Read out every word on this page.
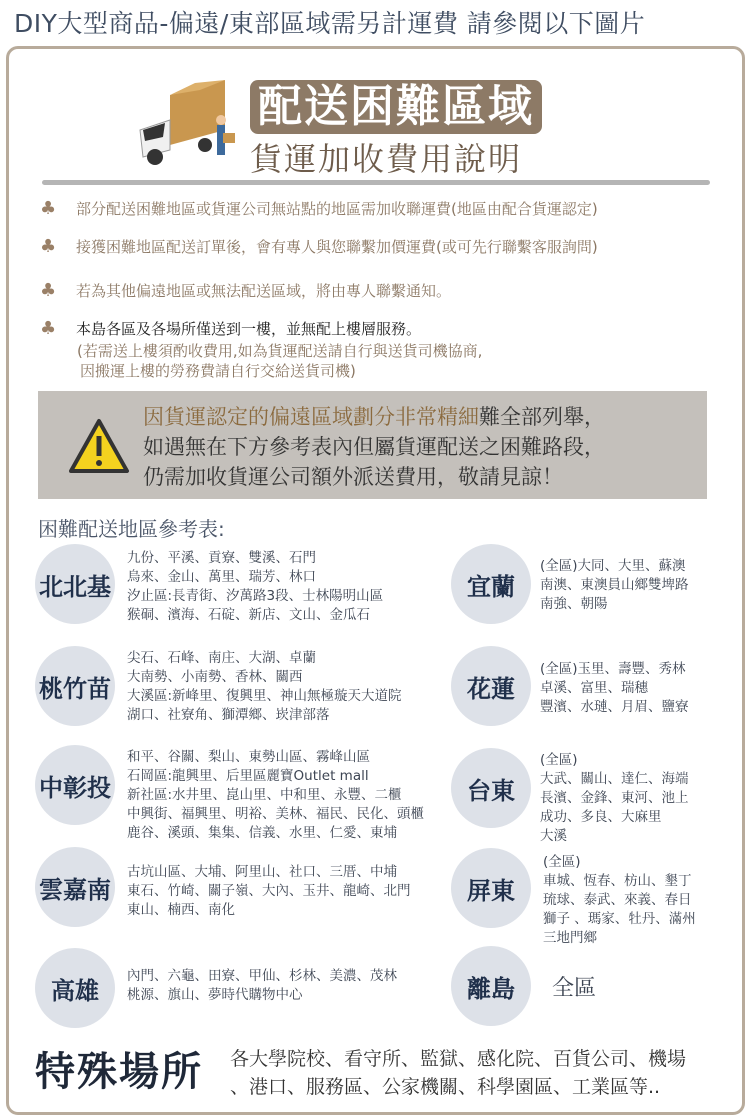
DIY大型商品-偏遠/東部區域需另計運費 請參閱以下圖片
配送困難區域
貨運加收費用說明
♣ 部分配送困難地區或貨運公司無站點的地區需加收聯運費(地區由配合貨運認定)
♣ 接獲困難地區配送訂單後，會有專人與您聯繫加價運費(或可先行聯繫客服詢問)
♣ 若為其他偏遠地區或無法配送區域，將由專人聯繫通知。
♣ 本島各區及各場所僅送到一樓，並無配上樓層服務。
(若需送上樓須酌收費用,如為貨運配送請自行與送貨司機協商,
因搬運上樓的勞務費請自行交給送貨司機)
因貨運認定的偏遠區域劃分非常精細難全部列舉，
如遇無在下方參考表內但屬貨運配送之困難路段，
仍需加收貨運公司額外派送費用，敬請見諒！
困難配送地區參考表:
北北基
九份、平溪、貢寮、雙溪、石門
烏來、金山、萬里、瑞芳、林口
汐止區:長青街、汐萬路3段、士林陽明山區
猴硐、濱海、石碇、新店、文山、金瓜石
桃竹苗
尖石、石峰、南庄、大湖、卓蘭
大南勢、小南勢、香林、關西
大溪區:新峰里、復興里、神山無極璇天大道院
湖口、社寮角、獅潭鄉、崁津部落
中彰投
和平、谷關、梨山、東勢山區、霧峰山區
石岡區:龍興里、后里區麗寶Outlet mall
新社區:水井里、崑山里、中和里、永豐、二櫃
中興街、福興里、明裕、美林、福民、民化、頭櫃
鹿谷、溪頭、集集、信義、水里、仁愛、東埔
雲嘉南
古坑山區、大埔、阿里山、社口、三厝、中埔
東石、竹崎、關子嶺、大內、玉井、龍崎、北門
東山、楠西、南化
高雄
內門、六龜、田寮、甲仙、杉林、美濃、茂林
桃源、旗山、夢時代購物中心
宜蘭
(全區)大同、大里、蘇澳
南澳、東澳員山鄉雙埤路
南強、朝陽
花蓮
(全區)玉里、壽豐、秀林
卓溪、富里、瑞穗
豐濱、水璉、月眉、鹽寮
台東
(全區)
大武、關山、達仁、海端
長濱、金鋒、東河、池上
成功、多良、大麻里
大溪
屏東
(全區)
車城、恆春、枋山、墾丁
琉球、泰武、來義、春日
獅子 、瑪家、牡丹、滿州
三地門鄉
離島	全區
特殊場所 各大學院校、看守所、監獄、感化院、百貨公司、機場
、港口、服務區、公家機關、科學園區、工業區等..
